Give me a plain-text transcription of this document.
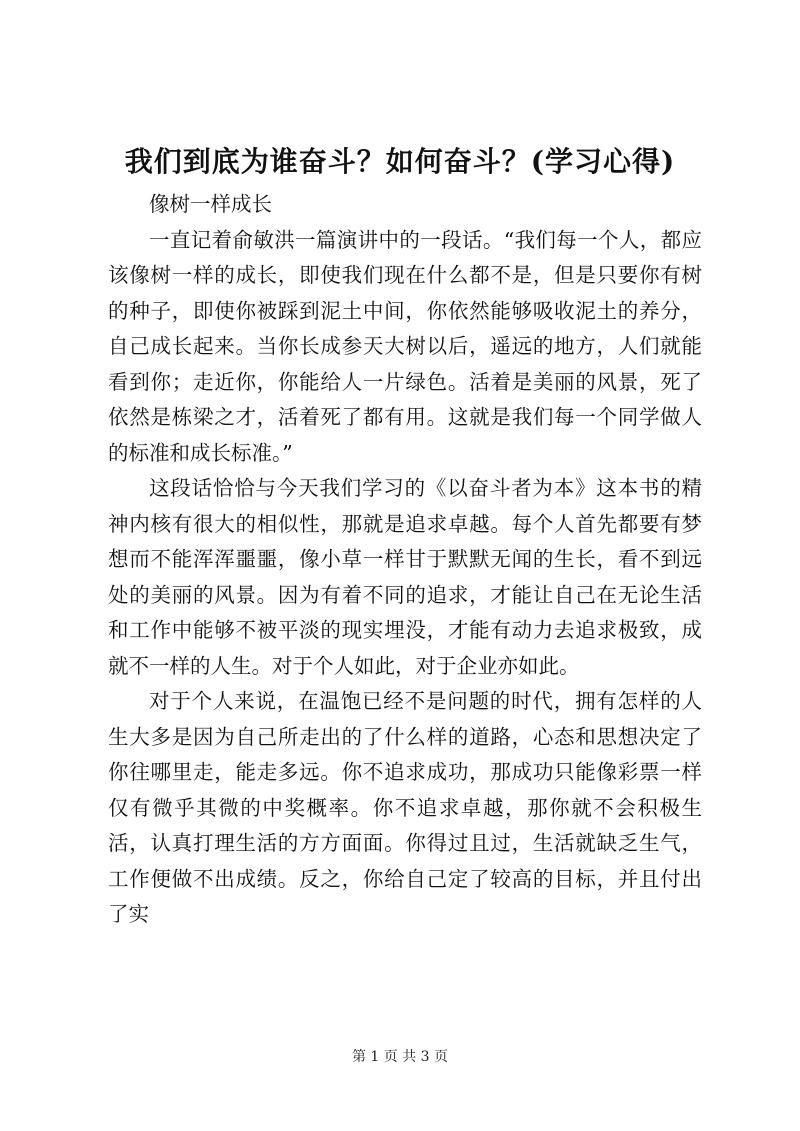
我们到底为谁奋斗？如何奋斗？(学习心得)

像树一样成长

一直记着俞敏洪一篇演讲中的一段话。“我们每一个人，都应该像树一样的成长，即使我们现在什么都不是，但是只要你有树的种子，即使你被踩到泥土中间，你依然能够吸收泥土的养分，自己成长起来。当你长成参天大树以后，遥远的地方，人们就能看到你；走近你，你能给人一片绿色。活着是美丽的风景，死了依然是栋梁之才，活着死了都有用。这就是我们每一个同学做人的标准和成长标准。”

这段话恰恰与今天我们学习的《以奋斗者为本》这本书的精神内核有很大的相似性，那就是追求卓越。每个人首先都要有梦想而不能浑浑噩噩，像小草一样甘于默默无闻的生长，看不到远处的美丽的风景。因为有着不同的追求，才能让自己在无论生活和工作中能够不被平淡的现实埋没，才能有动力去追求极致，成就不一样的人生。对于个人如此，对于企业亦如此。

对于个人来说，在温饱已经不是问题的时代，拥有怎样的人生大多是因为自己所走出的了什么样的道路，心态和思想决定了你往哪里走，能走多远。你不追求成功，那成功只能像彩票一样仅有微乎其微的中奖概率。你不追求卓越，那你就不会积极生活，认真打理生活的方方面面。你得过且过，生活就缺乏生气，工作便做不出成绩。反之，你给自己定了较高的目标，并且付出了实

第 1 页 共 3 页
